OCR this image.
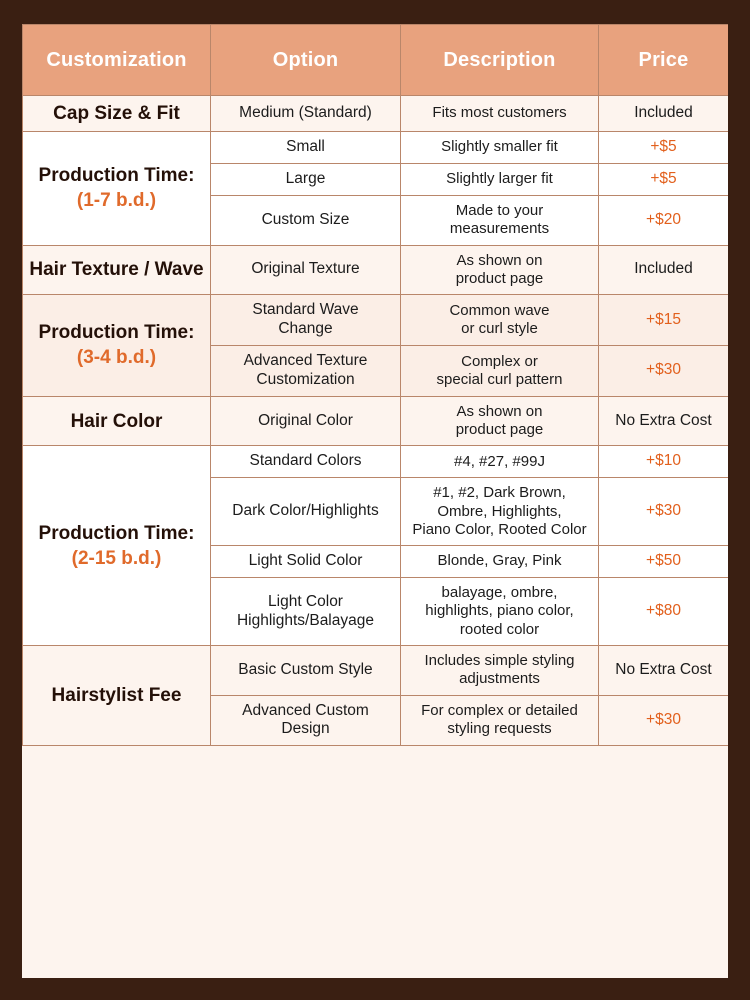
Customization	Option	Description	Price
Cap Size & Fit	Medium (Standard)	Fits most customers	Included
Production Time:
(1-7 b.d.)	Small	Slightly smaller fit	+$5
	Large	Slightly larger fit	+$5
	Custom Size	Made to your
measurements	+$20
Hair Texture / Wave	Original Texture	As shown on
product page	Included
Production Time:
(3-4 b.d.)	Standard Wave
Change	Common wave
or curl style	+$15

	Advanced Texture
Customization	Complex or
special curl pattern	+$30
Hair Color	Original Color	As shown on
product page	No Extra Cost
Production Time:
(2-15 b.d.)	Standard Colors	#4, #27, #99J	+$10
	Dark Color/Highlights	#1, #2, Dark Brown,
Ombre, Highlights,
Piano Color, Rooted Color	+$30
	Light Solid Color	Blonde, Gray, Pink	+$50

	Light Color
Highlights/Balayage	balayage, ombre,
highlights, piano color,
rooted color	+$80
Hairstylist Fee	Basic Custom Style	Includes simple styling
adjustments	No Extra Cost

	Advanced Custom
Design	For complex or detailed
styling requests	+$30
